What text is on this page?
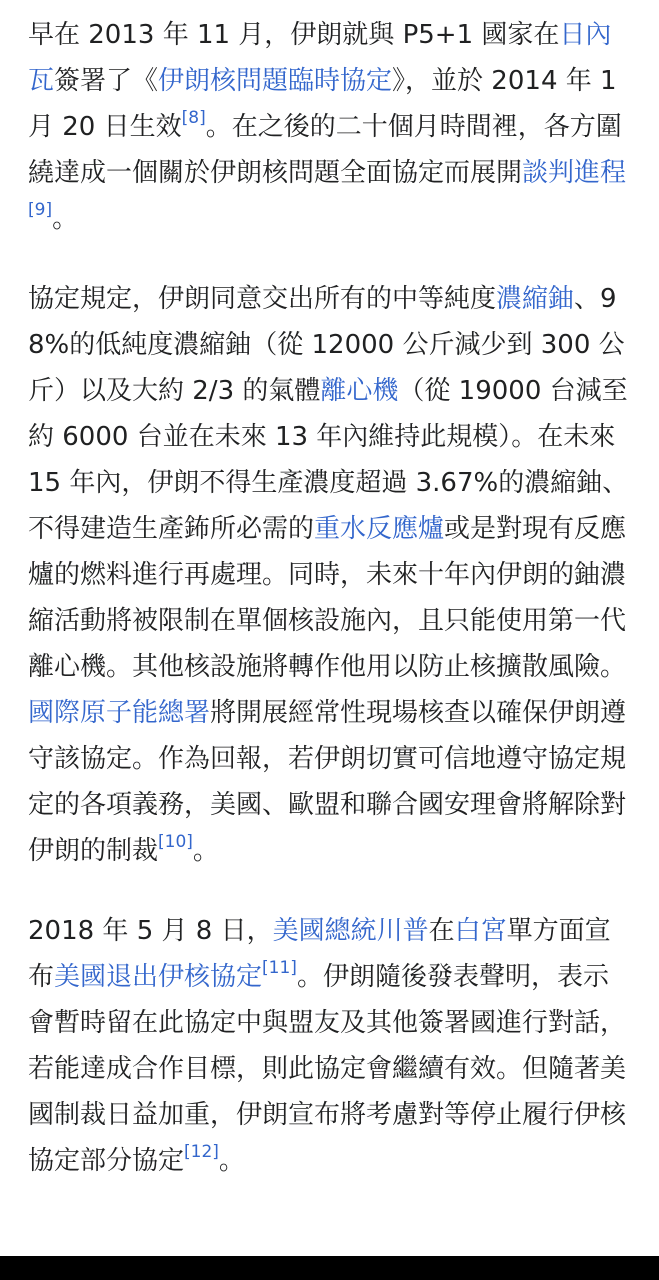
早在 2013 年 11 月，伊朗就與 P5+1 國家在日內瓦簽署了《伊朗核問題臨時協定》，並於 2014 年 1 月 20 日生效[8]。在之後的二十個月時間裡，各方圍繞達成一個關於伊朗核問題全面協定而展開談判進程[9]。

協定規定，伊朗同意交出所有的中等純度濃縮鈾、98%的低純度濃縮鈾（從 12000 公斤減少到 300 公斤）以及大約 2/3 的氣體離心機（從 19000 台減至約 6000 台並在未來 13 年內維持此規模）。在未來 15 年內，伊朗不得生產濃度超過 3.67%的濃縮鈾、不得建造生產鈽所必需的重水反應爐或是對現有反應爐的燃料進行再處理。同時，未來十年內伊朗的鈾濃縮活動將被限制在單個核設施內，且只能使用第一代離心機。其他核設施將轉作他用以防止核擴散風險。國際原子能總署將開展經常性現場核查以確保伊朗遵守該協定。作為回報，若伊朗切實可信地遵守協定規定的各項義務，美國、歐盟和聯合國安理會將解除對伊朗的制裁[10]。

2018 年 5 月 8 日，美國總統川普在白宮單方面宣布美國退出伊核協定[11]。伊朗隨後發表聲明，表示會暫時留在此協定中與盟友及其他簽署國進行對話，若能達成合作目標，則此協定會繼續有效。但隨著美國制裁日益加重，伊朗宣布將考慮對等停止履行伊核協定部分協定[12]。
